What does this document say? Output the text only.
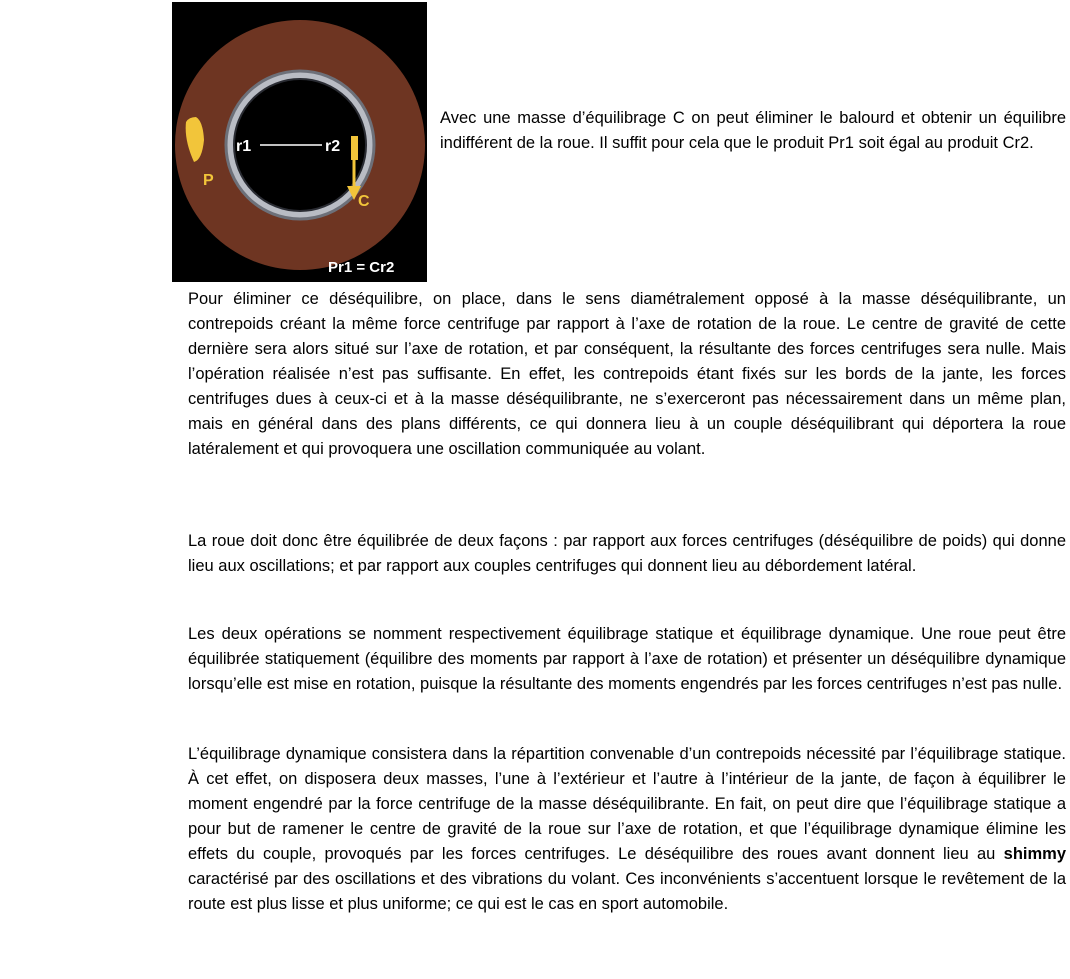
r1	r2
P
C
Pr1 = Cr2

Avec une masse d’équilibrage C on peut éliminer le balourd et obtenir un équilibre indifférent de la roue. Il suffit pour cela que le produit Pr1 soit égal au produit Cr2.

Pour éliminer ce déséquilibre, on place, dans le sens diamétralement opposé à la masse déséquilibrante, un contrepoids créant la même force centrifuge par rapport à l’axe de rotation de la roue. Le centre de gravité de cette dernière sera alors situé sur l’axe de rotation, et par conséquent, la résultante des forces centrifuges sera nulle. Mais l’opération réalisée n’est pas suffisante. En effet, les contrepoids étant fixés sur les bords de la jante, les forces centrifuges dues à ceux-ci et à la masse déséquilibrante, ne s’exerceront pas nécessairement dans un même plan, mais en général dans des plans différents, ce qui donnera lieu à un couple déséquilibrant qui déportera la roue latéralement et qui provoquera une oscillation communiquée au volant.

La roue doit donc être équilibrée de deux façons : par rapport aux forces centrifuges (déséquilibre de poids) qui donne lieu aux oscillations; et par rapport aux couples centrifuges qui donnent lieu au débordement latéral.

Les deux opérations se nomment respectivement équilibrage statique et équilibrage dynamique. Une roue peut être équilibrée statiquement (équilibre des moments par rapport à l’axe de rotation) et présenter un déséquilibre dynamique lorsqu’elle est mise en rotation, puisque la résultante des moments engendrés par les forces centrifuges n’est pas nulle.

L’équilibrage dynamique consistera dans la répartition convenable d’un contrepoids nécessité par l’équilibrage statique. À cet effet, on disposera deux masses, l’une à l’extérieur et l’autre à l’intérieur de la jante, de façon à équilibrer le moment engendré par la force centrifuge de la masse déséquilibrante. En fait, on peut dire que l’équilibrage statique a pour but de ramener le centre de gravité de la roue sur l’axe de rotation, et que l’équilibrage dynamique élimine les effets du couple, provoqués par les forces centrifuges. Le déséquilibre des roues avant donnent lieu au shimmy caractérisé par des oscillations et des vibrations du volant. Ces inconvénients s’accentuent lorsque le revêtement de la route est plus lisse et plus uniforme; ce qui est le cas en sport automobile.
